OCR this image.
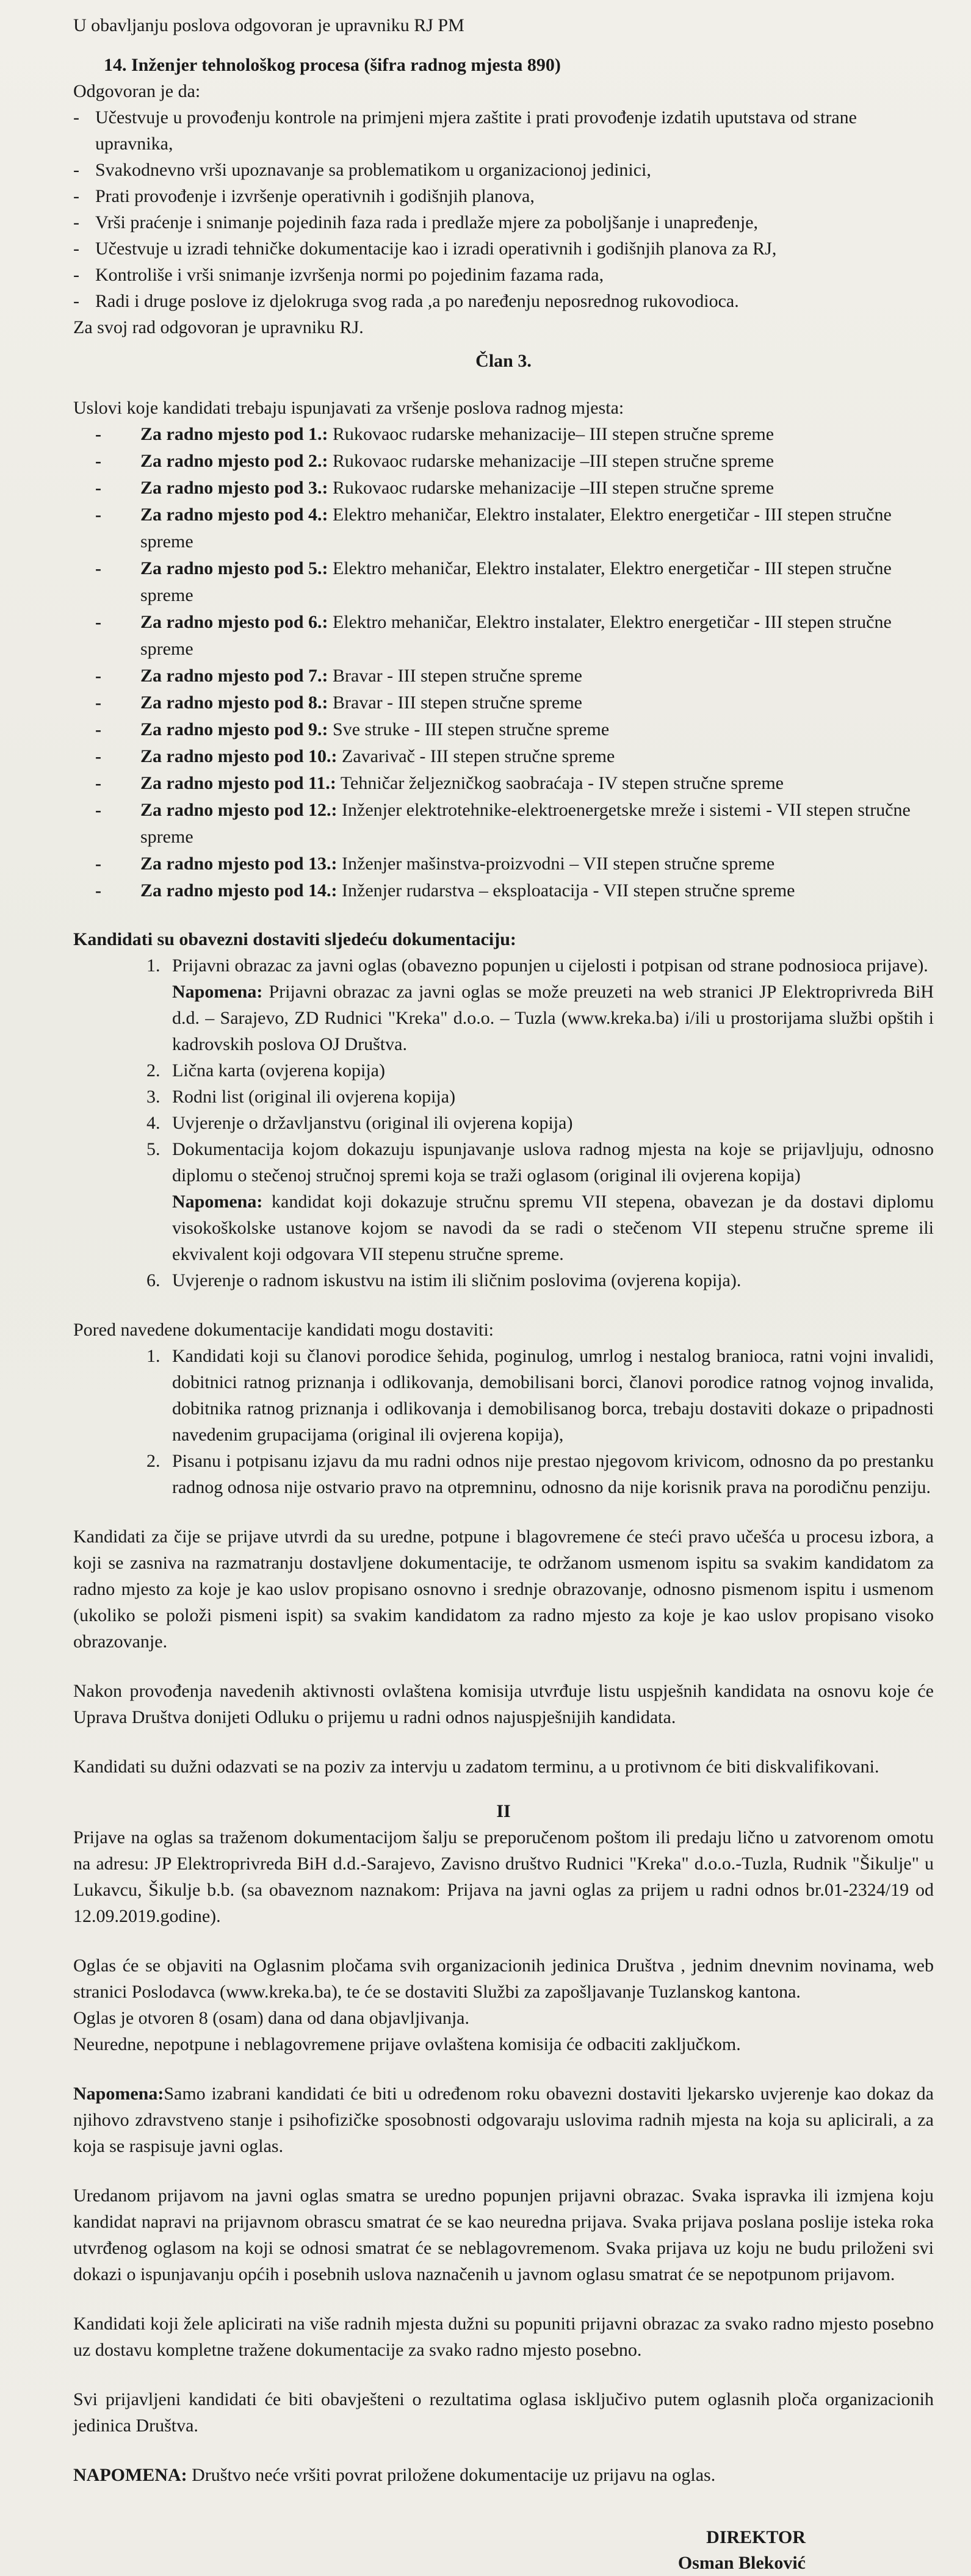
U obavljanju poslova odgovoran je upravniku RJ PM

14. Inženjer tehnološkog procesa (šifra radnog mjesta 890)

Odgovoran je da:

- Učestvuje u provođenju kontrole na primjeni mjera zaštite i prati provođenje izdatih uputstava od strane upravnika,
- Svakodnevno vrši upoznavanje sa problematikom u organizacionoj jedinici,
- Prati provođenje i izvršenje operativnih i godišnjih planova,
- Vrši praćenje i snimanje pojedinih faza rada i predlaže mjere za poboljšanje i unapređenje,
- Učestvuje u izradi tehničke dokumentacije kao i izradi operativnih i godišnjih planova za RJ,
- Kontroliše i vrši snimanje izvršenja normi po pojedinim fazama rada,
- Radi i druge poslove iz djelokruga svog rada ,a po naređenju neposrednog rukovodioca.

Za svoj rad odgovoran je upravniku RJ.

Član 3.

Uslovi koje kandidati trebaju ispunjavati za vršenje poslova radnog mjesta:

- Za radno mjesto pod 1.: Rukovaoc rudarske mehanizacije– III stepen stručne spreme
- Za radno mjesto pod 2.: Rukovaoc rudarske mehanizacije –III stepen stručne spreme
- Za radno mjesto pod 3.: Rukovaoc rudarske mehanizacije –III stepen stručne spreme
- Za radno mjesto pod 4.: Elektro mehaničar, Elektro instalater, Elektro energetičar - III stepen stručne spreme
- Za radno mjesto pod 5.: Elektro mehaničar, Elektro instalater, Elektro energetičar - III stepen stručne spreme
- Za radno mjesto pod 6.: Elektro mehaničar, Elektro instalater, Elektro energetičar - III stepen stručne spreme
- Za radno mjesto pod 7.: Bravar - III stepen stručne spreme
- Za radno mjesto pod 8.: Bravar - III stepen stručne spreme
- Za radno mjesto pod 9.: Sve struke - III stepen stručne spreme
- Za radno mjesto pod 10.: Zavarivač - III stepen stručne spreme
- Za radno mjesto pod 11.: Tehničar željezničkog saobraćaja - IV stepen stručne spreme
- Za radno mjesto pod 12.: Inženjer elektrotehnike-elektroenergetske mreže i sistemi - VII stepen stručne spreme
- Za radno mjesto pod 13.: Inženjer mašinstva-proizvodni – VII stepen stručne spreme
- Za radno mjesto pod 14.: Inženjer rudarstva – eksploatacija - VII stepen stručne spreme

Kandidati su obavezni dostaviti sljedeću dokumentaciju:

1. Prijavni obrazac za javni oglas (obavezno popunjen u cijelosti i potpisan od strane podnosioca prijave).
Napomena: Prijavni obrazac za javni oglas se može preuzeti na web stranici JP Elektroprivreda BiH d.d. – Sarajevo, ZD Rudnici "Kreka" d.o.o. – Tuzla (www.kreka.ba) i/ili u prostorijama službi opštih i kadrovskih poslova OJ Društva.
2. Lična karta (ovjerena kopija)
3. Rodni list (original ili ovjerena kopija)
4. Uvjerenje o državljanstvu (original ili ovjerena kopija)
5. Dokumentacija kojom dokazuju ispunjavanje uslova radnog mjesta na koje se prijavljuju, odnosno diplomu o stečenoj stručnoj spremi koja se traži oglasom (original ili ovjerena kopija)
Napomena: kandidat koji dokazuje stručnu spremu VII stepena, obavezan je da dostavi diplomu visokoškolske ustanove kojom se navodi da se radi o stečenom VII stepenu stručne spreme ili ekvivalent koji odgovara VII stepenu stručne spreme.
6. Uvjerenje o radnom iskustvu na istim ili sličnim poslovima (ovjerena kopija).

Pored navedene dokumentacije kandidati mogu dostaviti:

1. Kandidati koji su članovi porodice šehida, poginulog, umrlog i nestalog branioca, ratni vojni invalidi, dobitnici ratnog priznanja i odlikovanja, demobilisani borci, članovi porodice ratnog vojnog invalida, dobitnika ratnog priznanja i odlikovanja i demobilisanog borca, trebaju dostaviti dokaze o pripadnosti navedenim grupacijama (original ili ovjerena kopija),
2. Pisanu i potpisanu izjavu da mu radni odnos nije prestao njegovom krivicom, odnosno da po prestanku radnog odnosa nije ostvario pravo na otpremninu, odnosno da nije korisnik prava na porodičnu penziju.

Kandidati za čije se prijave utvrdi da su uredne, potpune i blagovremene će steći pravo učešća u procesu izbora, a koji se zasniva na razmatranju dostavljene dokumentacije, te održanom usmenom ispitu sa svakim kandidatom za radno mjesto za koje je kao uslov propisano osnovno i srednje obrazovanje, odnosno pismenom ispitu i usmenom (ukoliko se položi pismeni ispit) sa svakim kandidatom za radno mjesto za koje je kao uslov propisano visoko obrazovanje.

Nakon provođenja navedenih aktivnosti ovlaštena komisija utvrđuje listu uspješnih kandidata na osnovu koje će Uprava Društva donijeti Odluku o prijemu u radni odnos najuspješnijih kandidata.

Kandidati su dužni odazvati se na poziv za intervju u zadatom terminu, a u protivnom će biti diskvalifikovani.

II

Prijave na oglas sa traženom dokumentacijom šalju se preporučenom poštom ili predaju lično u zatvorenom omotu na adresu: JP Elektroprivreda BiH d.d.-Sarajevo, Zavisno društvo Rudnici "Kreka" d.o.o.-Tuzla, Rudnik "Šikulje" u Lukavcu, Šikulje b.b. (sa obaveznom naznakom: Prijava na javni oglas za prijem u radni odnos br.01-2324/19 od 12.09.2019.godine).

Oglas će se objaviti na Oglasnim pločama svih organizacionih jedinica Društva , jednim dnevnim novinama, web stranici Poslodavca (www.kreka.ba), te će se dostaviti Službi za zapošljavanje Tuzlanskog kantona.

Oglas je otvoren 8 (osam) dana od dana objavljivanja.

Neuredne, nepotpune i neblagovremene prijave ovlaštena komisija će odbaciti zaključkom.

Napomena:Samo izabrani kandidati će biti u određenom roku obavezni dostaviti ljekarsko uvjerenje kao dokaz da njihovo zdravstveno stanje i psihofizičke sposobnosti odgovaraju uslovima radnih mjesta na koja su aplicirali, a za koja se raspisuje javni oglas.

Uredanom prijavom na javni oglas smatra se uredno popunjen prijavni obrazac. Svaka ispravka ili izmjena koju kandidat napravi na prijavnom obrascu smatrat će se kao neuredna prijava. Svaka prijava poslana poslije isteka roka utvrđenog oglasom na koji se odnosi smatrat će se neblagovremenom. Svaka prijava uz koju ne budu priloženi svi dokazi o ispunjavanju općih i posebnih uslova naznačenih u javnom oglasu smatrat će se nepotpunom prijavom.

Kandidati koji žele aplicirati na više radnih mjesta dužni su popuniti prijavni obrazac za svako radno mjesto posebno uz dostavu kompletne tražene dokumentacije za svako radno mjesto posebno.

Svi prijavljeni kandidati će biti obavješteni o rezultatima oglasa isključivo putem oglasnih ploča organizacionih jedinica Društva.

NAPOMENA: Društvo neće vršiti povrat priložene dokumentacije uz prijavu na oglas.

DIREKTOR
Osman Bleković
